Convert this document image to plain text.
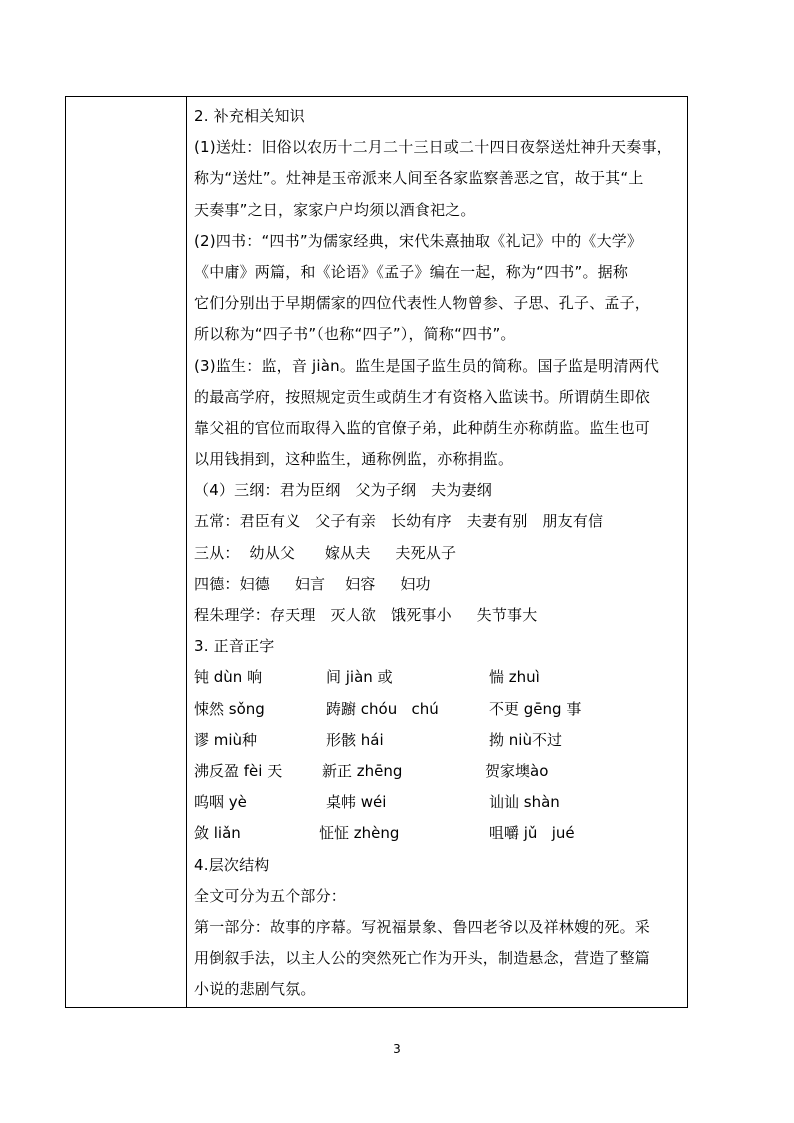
2. 补充相关知识
(1)送灶：旧俗以农历十二月二十三日或二十四日夜祭送灶神升天奏事，
称为“送灶”。灶神是玉帝派来人间至各家监察善恶之官，故于其“上
天奏事”之日，家家户户均须以酒食祀之。
(2)四书：“四书”为儒家经典，宋代朱熹抽取《礼记》中的《大学》
《中庸》两篇，和《论语》《孟子》编在一起，称为“四书”。据称
它们分别出于早期儒家的四位代表性人物曾参、子思、孔子、孟子，
所以称为“四子书”（也称“四子”），简称“四书”。
(3)监生：监，音 jiàn。监生是国子监生员的简称。国子监是明清两代
的最高学府，按照规定贡生或荫生才有资格入监读书。所谓荫生即依
靠父祖的官位而取得入监的官僚子弟，此种荫生亦称荫监。监生也可
以用钱捐到，这种监生，通称例监，亦称捐监。
（4）三纲：君为臣纲   父为子纲   夫为妻纲
五常：君臣有义   父子有亲   长幼有序   夫妻有别   朋友有信
三从：  幼从父      嫁从夫     夫死从子
四德：妇德     妇言    妇容     妇功
程朱理学：存天理   灭人欲   饿死事小     失节事大
3. 正音正字
钝 dùn 响	间 jiàn 或	惴 zhuì
悚然 sǒng	踌躕 chóu   chú	不更 gēng 事
谬 miù种	形骸 hái	拗 niù不过
沸反盈 fèi 天	新正 zhēng	贺家墺ào
呜咽 yè	桌帏 wéi	讪讪 shàn
敛 liǎn	怔怔 zhèng	咀嚼 jǔ   jué
4.层次结构
全文可分为五个部分：
第一部分：故事的序幕。写祝福景象、鲁四老爷以及祥林嫂的死。采
用倒叙手法，以主人公的突然死亡作为开头，制造悬念，营造了整篇
小说的悲剧气氛。
3
